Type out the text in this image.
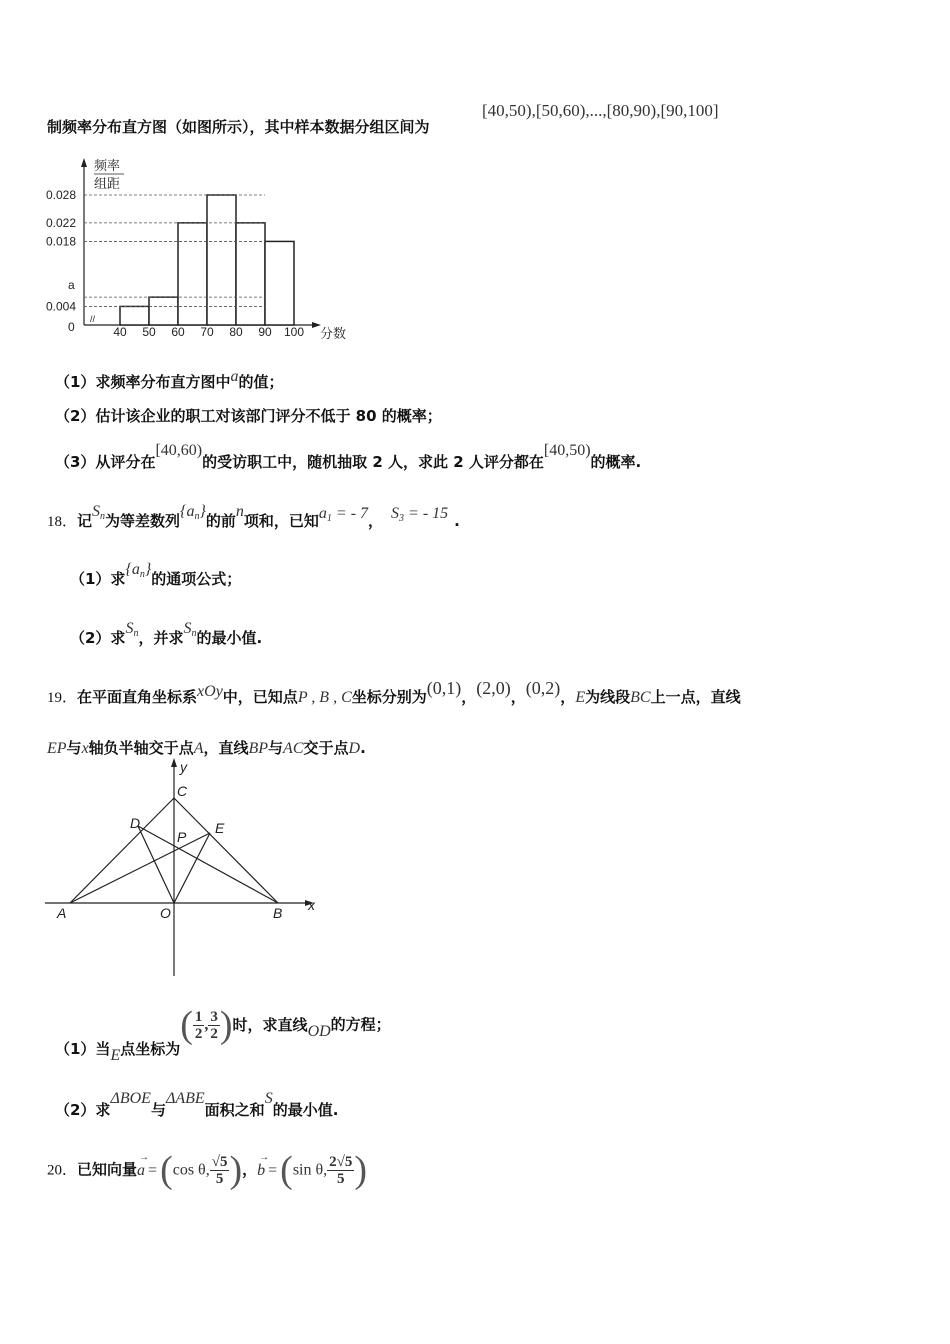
制频率分布直方图（如图所示），其中样本数据分组区间为
[40,50),[50,60),...,[80,90),[90,100]
//
频率
组距
分数
0
0.028
0.022
0.018
a
0.004
40 50 60 70 80 90 100
（1）求频率分布直方图中a的值；
（2）估计该企业的职工对该部门评分不低于 80 的概率；
（3）从评分在[40,60)的受访职工中，随机抽取 2 人，求此 2 人评分都在[40,50)的概率.
18．记$S_n$为等差数列$\{a_n\}$的前n项和，已知$a_1$ = - 7， $S_3$ = - 15 .
（1）求$\{a_n\}$的通项公式；
（2）求$S_n$，并求$S_n$的最小值.
19．在平面直角坐标系xOy中，已知点P , B , C坐标分别为(0,1)，(2,0)，(0,2)，E为线段BC上一点，直线
EP与x轴负半轴交于点A，直线BP与AC交于点D.
y
x
C
D	E
P
A	O	B
（1）当E点坐标为( $\frac{1}{2}$ , $\frac{3}{2}$ )时，求直线OD的方程；
（2）求ΔBOE与ΔABE面积之和S的最小值.
20．已知向量
→
a =(cos θ, $\frac{√5}{5}$ )，
→
b =(sin θ, $\frac{2√5}{5}$ )
